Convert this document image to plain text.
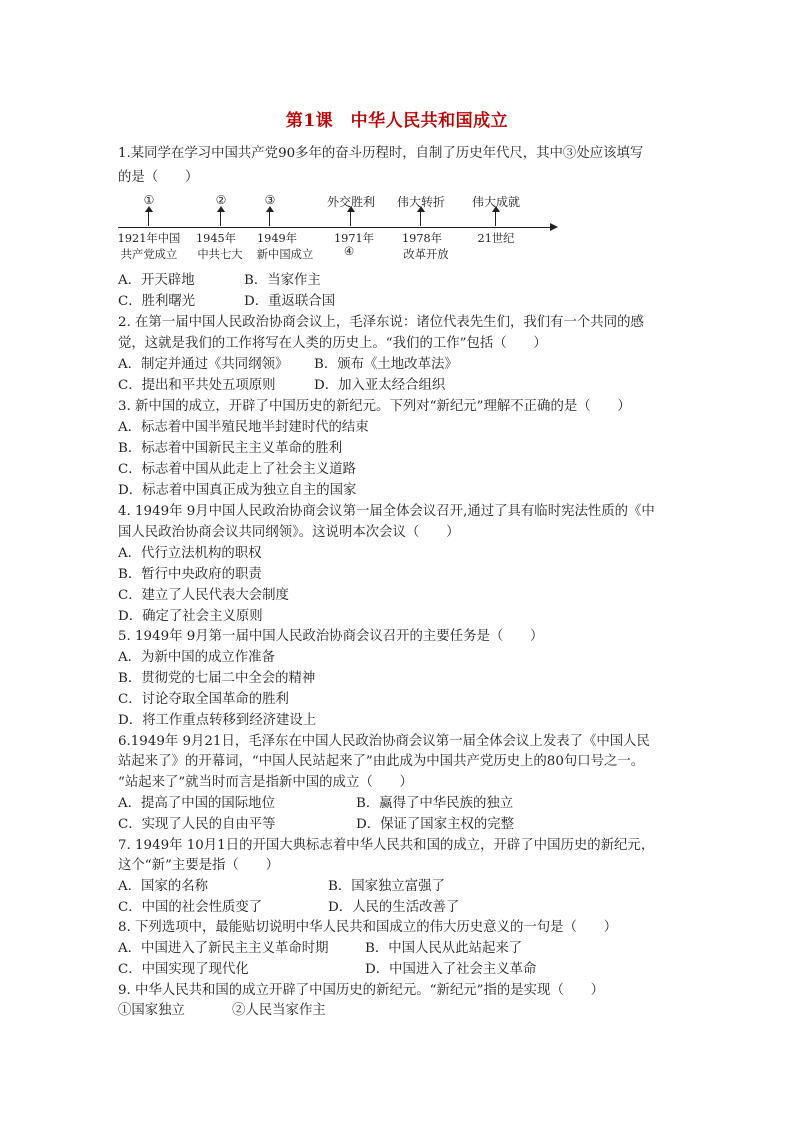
第1课　中华人民共和国成立
1.某同学在学习中国共产党90多年的奋斗历程时，自制了历史年代尺，其中③处应该填写
的是（　　）
①	②	③	外交胜利 伟大转折 伟大成就
1921年中国 1945年 1949年	1971年 1978年	21世纪
共产党成立 中共七大 新中国成立	④	改革开放
A．开天辟地	B．当家作主
C．胜利曙光	D．重返联合国
2. 在第一届中国人民政治协商会议上，毛泽东说：诸位代表先生们，我们有一个共同的感
觉，这就是我们的工作将写在人类的历史上。“我们的工作”包括（　　）
A．制定并通过《共同纲领》 B．颁布《土地改革法》
C．提出和平共处五项原则	D．加入亚太经合组织
3. 新中国的成立，开辟了中国历史的新纪元。下列对“新纪元”理解不正确的是（　　）
A．标志着中国半殖民地半封建时代的结束
B．标志着中国新民主主义革命的胜利
C．标志着中国从此走上了社会主义道路
D．标志着中国真正成为独立自主的国家
4. 1949年 9月中国人民政治协商会议第一届全体会议召开,通过了具有临时宪法性质的《中
国人民政治协商会议共同纲领》。这说明本次会议（　　）
A．代行立法机构的职权
B．暂行中央政府的职责
C．建立了人民代表大会制度
D．确定了社会主义原则
5. 1949年 9月第一届中国人民政治协商会议召开的主要任务是（　　）
A．为新中国的成立作准备
B．贯彻党的七届二中全会的精神
C．讨论夺取全国革命的胜利
D．将工作重点转移到经济建设上
6.1949年 9月21日，毛泽东在中国人民政治协商会议第一届全体会议上发表了《中国人民
站起来了》的开幕词，“中国人民站起来了”由此成为中国共产党历史上的80句口号之一。
“站起来了”就当时而言是指新中国的成立（　　）
A．提高了中国的国际地位	B．赢得了中华民族的独立
C．实现了人民的自由平等	D．保证了国家主权的完整
7. 1949年 10月1日的开国大典标志着中华人民共和国的成立，开辟了中国历史的新纪元，
这个“新”主要是指（　　）
A．国家的名称	B．国家独立富强了
C．中国的社会性质变了	D．人民的生活改善了
8. 下列选项中，最能贴切说明中华人民共和国成立的伟大历史意义的一句是（　　）
A．中国进入了新民主主义革命时期	B．中国人民从此站起来了
C．中国实现了现代化	D．中国进入了社会主义革命
9. 中华人民共和国的成立开辟了中国历史的新纪元。“新纪元”指的是实现（　　）
①国家独立	②人民当家作主
